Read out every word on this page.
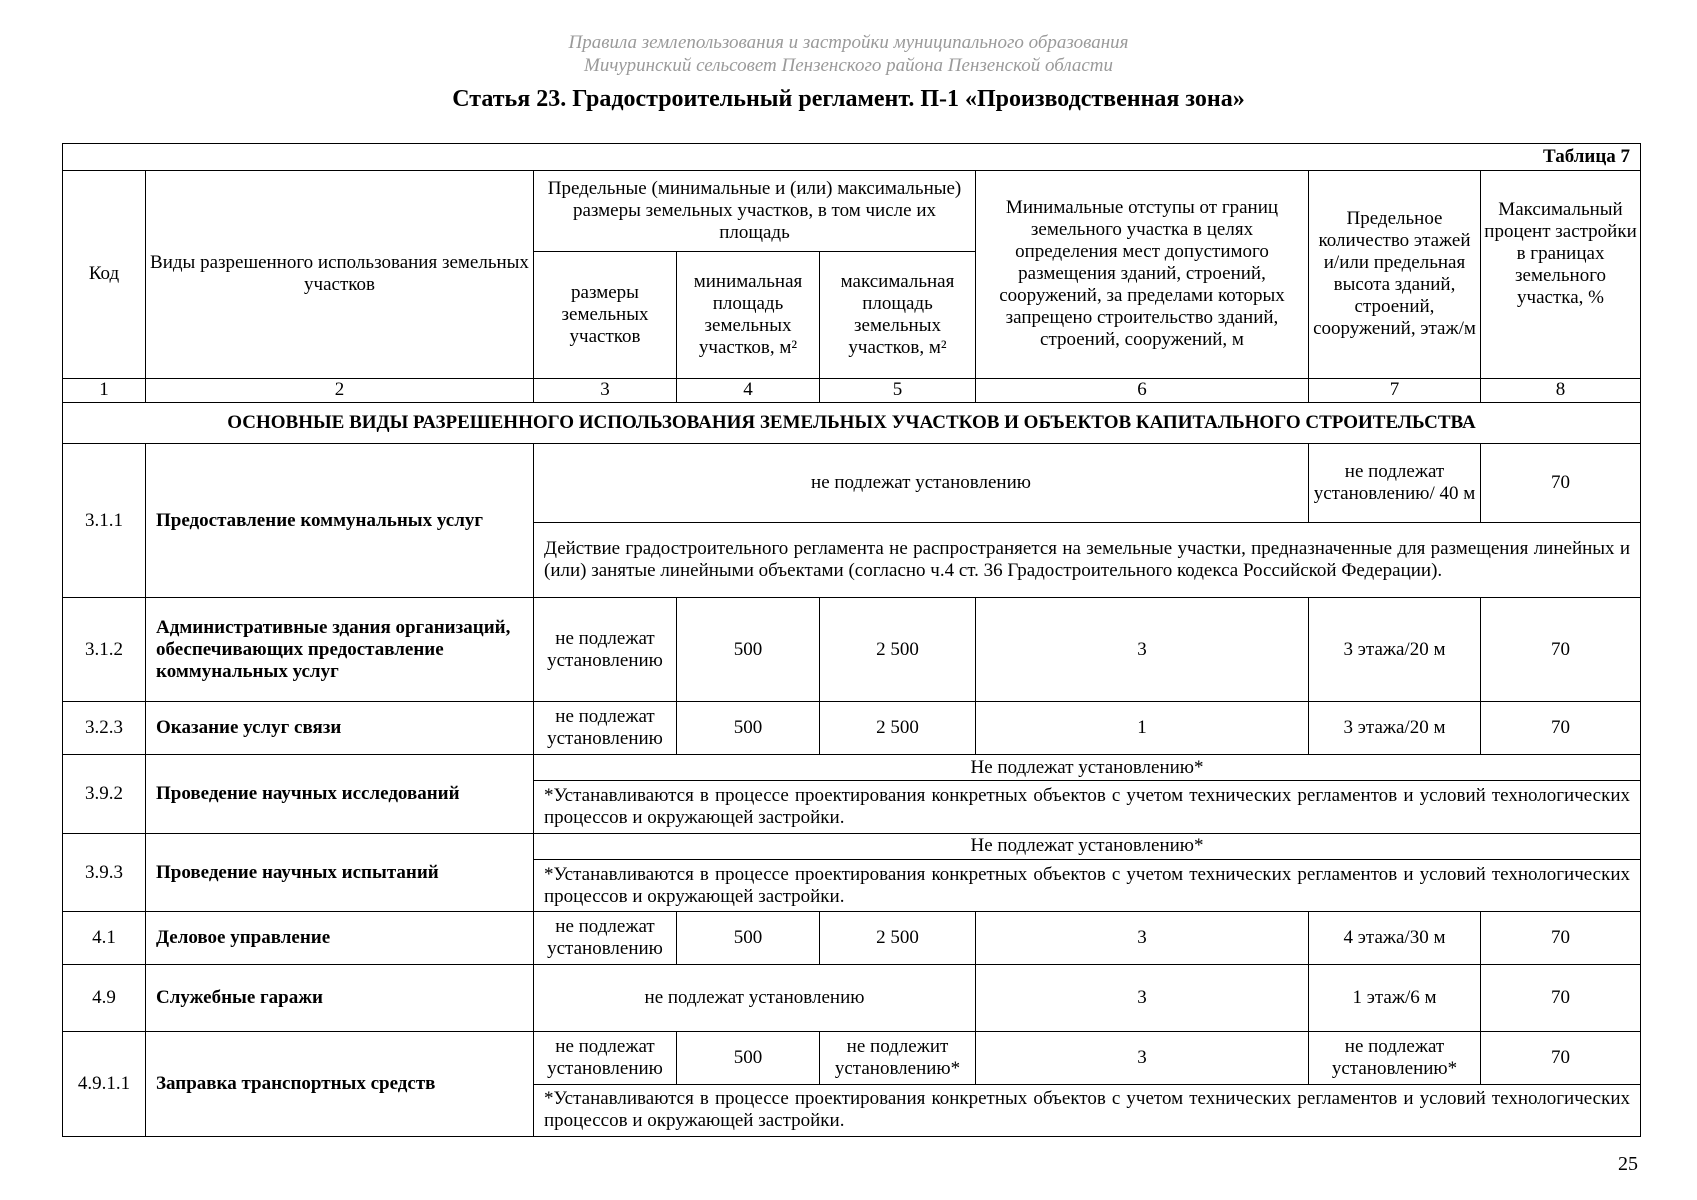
Правила землепользования и застройки муниципального образования
Мичуринский сельсовет Пензенского района Пензенской области
Статья 23. Градостроительный регламент. П-1 «Производственная зона»
Таблица 7							
Код	Виды разрешенного использования земельных участков	Предельные (минимальные и (или) максимальные) размеры земельных участков, в том числе их площадь			Минимальные отступы от границ земельного участка в целях определения мест допустимого размещения зданий, строений, сооружений, за пределами которых запрещено строительство зданий, строений, сооружений, м	Предельное количество этажей и/или предельная высота зданий, строений, сооружений, этаж/м	Максимальный процент застройки в границах земельного участка, %
		размеры земельных участков	минимальная площадь земельных участков, м²	максимальная площадь земельных участков, м²			
1	2	3	4	5	6	7	8
ОСНОВНЫЕ ВИДЫ РАЗРЕШЕННОГО ИСПОЛЬЗОВАНИЯ ЗЕМЕЛЬНЫХ УЧАСТКОВ И ОБЪЕКТОВ КАПИТАЛЬНОГО СТРОИТЕЛЬСТВА							
3.1.1	Предоставление коммунальных услуг	не подлежат установлению				не подлежат установлению/ 40 м	70
		Действие градостроительного регламента не распространяется на земельные участки, предназначенные для размещения линейных и (или) занятые линейными объектами (согласно ч.4 ст. 36 Градостроительного кодекса Российской Федерации).					
3.1.2	Административные здания организаций, обеспечивающих предоставление коммунальных услуг	не подлежат установлению	500	2 500	3	3 этажа/20 м	70
3.2.3	Оказание услуг связи	не подлежат установлению	500	2 500	1	3 этажа/20 м	70
3.9.2	Проведение научных исследований	Не подлежат установлению*					
		*Устанавливаются в процессе проектирования конкретных объектов с учетом технических регламентов и условий технологических процессов и окружающей застройки.					
3.9.3	Проведение научных испытаний	Не подлежат установлению*					
		*Устанавливаются в процессе проектирования конкретных объектов с учетом технических регламентов и условий технологических процессов и окружающей застройки.					
4.1	Деловое управление	не подлежат установлению	500	2 500	3	4 этажа/30 м	70
4.9	Служебные гаражи	не подлежат установлению			3	1 этаж/6 м	70
4.9.1.1	Заправка транспортных средств	не подлежат установлению	500	не подлежит установлению*	3	не подлежат установлению*	70
		*Устанавливаются в процессе проектирования конкретных объектов с учетом технических регламентов и условий технологических процессов и окружающей застройки.					
25
